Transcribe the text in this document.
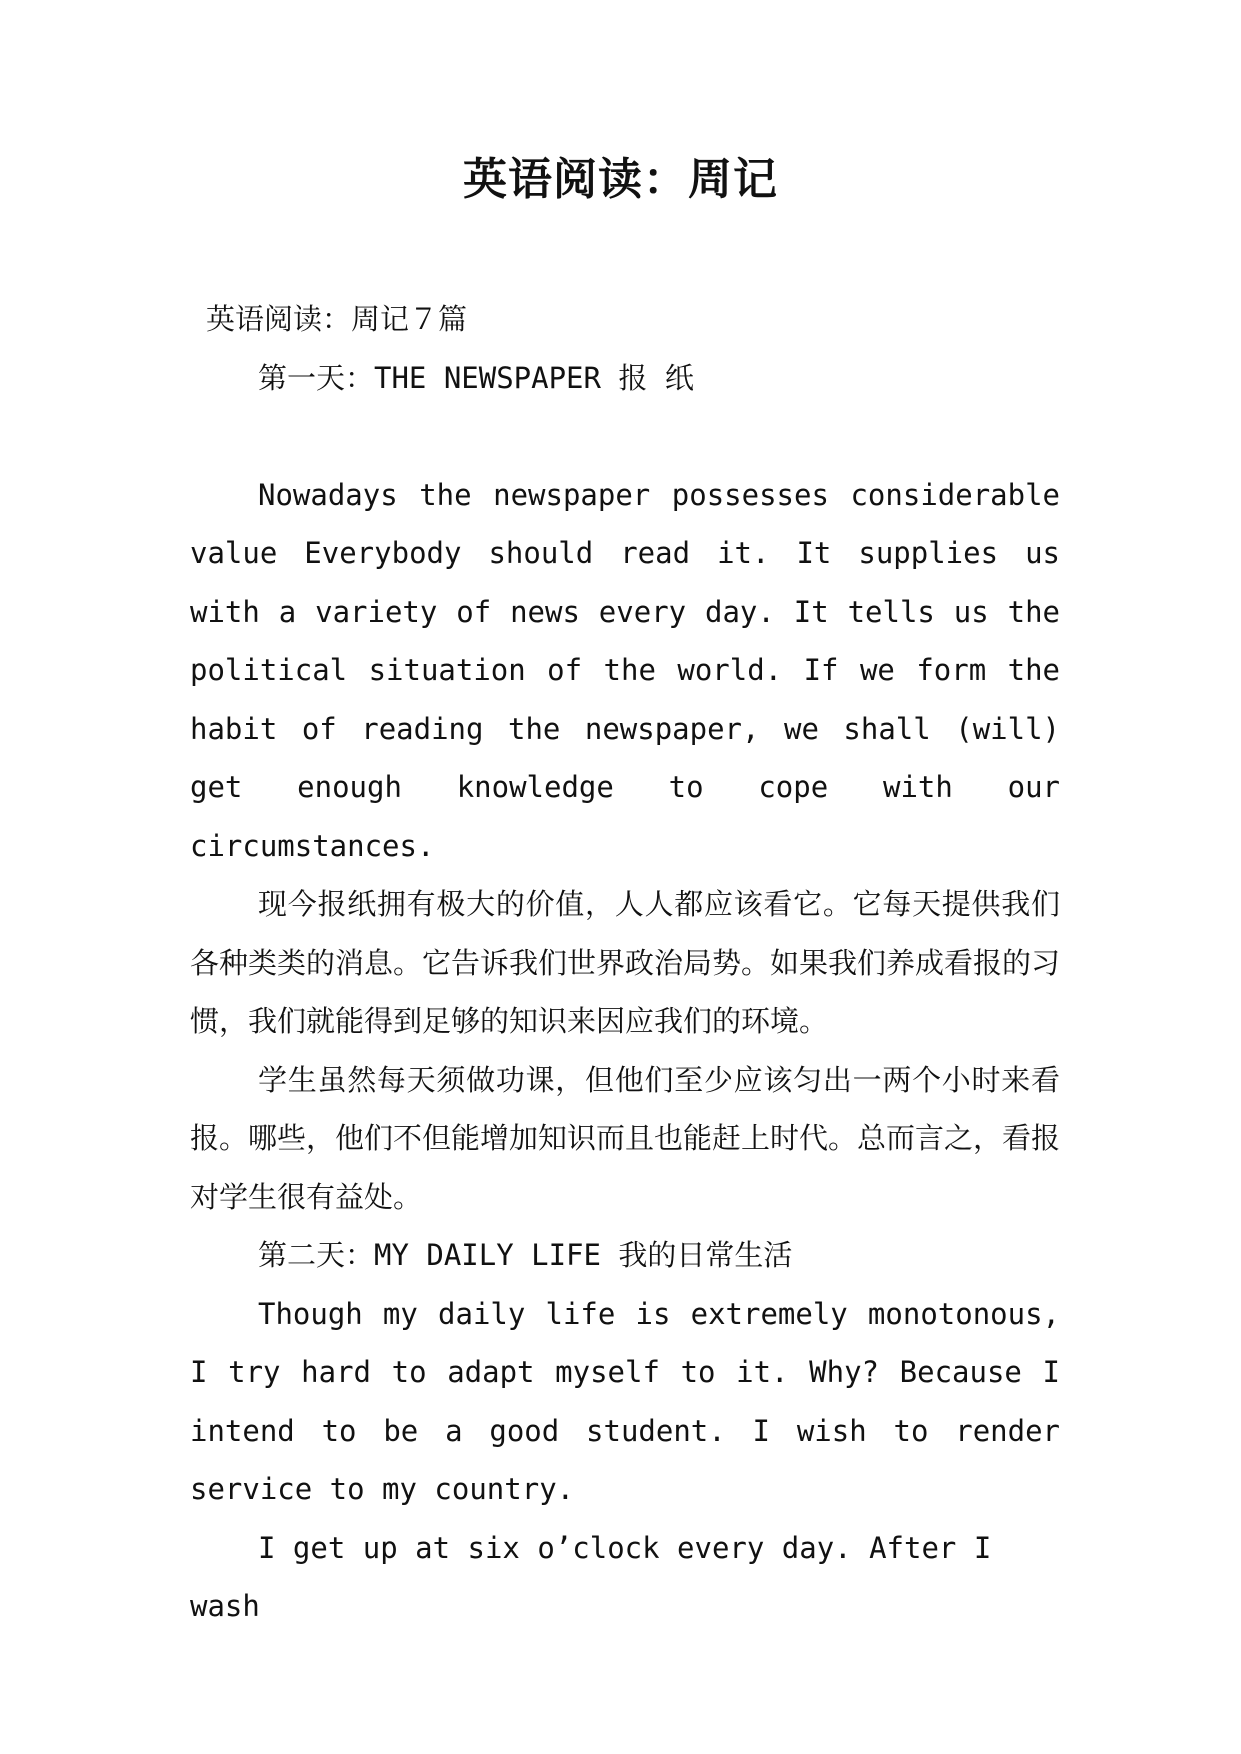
英语阅读：周记

英语阅读：周记７篇

第一天：THE NEWSPAPER 报 纸

Nowadays the newspaper possesses considerable value Everybody should read it. It supplies us with a variety of news every day. It tells us the political situation of the world. If we form the habit of reading the newspaper, we shall (will) get enough knowledge to cope with our circumstances.

现今报纸拥有极大的价值，人人都应该看它。它每天提供我们各种类类的消息。它告诉我们世界政治局势。如果我们养成看报的习惯，我们就能得到足够的知识来因应我们的环境。

学生虽然每天须做功课，但他们至少应该匀出一两个小时来看报。哪些，他们不但能增加知识而且也能赶上时代。总而言之，看报对学生很有益处。

第二天：MY DAILY LIFE 我的日常生活

Though my daily life is extremely monotonous, I try hard to adapt myself to it. Why? Because I intend to be a good student. I wish to render service to my country.

I get up at six o’clock every day. After I wash
